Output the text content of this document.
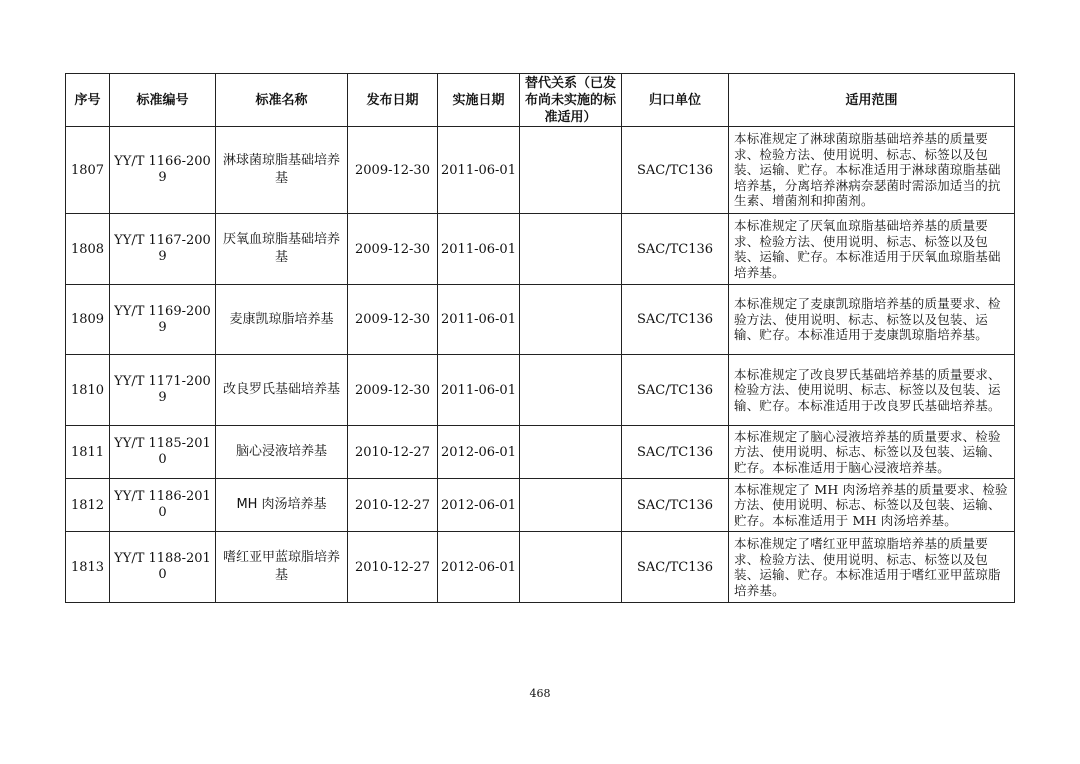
序号	标准编号	标准名称	发布日期	实施日期	替代关系（已发布尚未实施的标准适用）	归口单位	适用范围
1807	YY/T 1166-2009	淋球菌琼脂基础培养基	2009-12-30	2011-06-01		SAC/TC136	本标准规定了淋球菌琼脂基础培养基的质量要求、检验方法、使用说明、标志、标签以及包装、运输、贮存。本标准适用于淋球菌琼脂基础培养基，分离培养淋病奈瑟菌时需添加适当的抗生素、增菌剂和抑菌剂。
1808	YY/T 1167-2009	厌氧血琼脂基础培养基	2009-12-30	2011-06-01		SAC/TC136	本标准规定了厌氧血琼脂基础培养基的质量要求、检验方法、使用说明、标志、标签以及包装、运输、贮存。本标准适用于厌氧血琼脂基础培养基。
1809	YY/T 1169-2009	麦康凯琼脂培养基	2009-12-30	2011-06-01		SAC/TC136	本标准规定了麦康凯琼脂培养基的质量要求、检验方法、使用说明、标志、标签以及包装、运输、贮存。本标准适用于麦康凯琼脂培养基。
1810	YY/T 1171-2009	改良罗氏基础培养基	2009-12-30	2011-06-01		SAC/TC136	本标准规定了改良罗氏基础培养基的质量要求、检验方法、使用说明、标志、标签以及包装、运输、贮存。本标准适用于改良罗氏基础培养基。
1811	YY/T 1185-2010	脑心浸液培养基	2010-12-27	2012-06-01		SAC/TC136	本标准规定了脑心浸液培养基的质量要求、检验方法、使用说明、标志、标签以及包装、运输、贮存。本标准适用于脑心浸液培养基。
1812	YY/T 1186-2010	MH 肉汤培养基	2010-12-27	2012-06-01		SAC/TC136	本标准规定了 MH 肉汤培养基的质量要求、检验方法、使用说明、标志、标签以及包装、运输、贮存。本标准适用于 MH 肉汤培养基。
1813	YY/T 1188-2010	嗜红亚甲蓝琼脂培养基	2010-12-27	2012-06-01		SAC/TC136	本标准规定了嗜红亚甲蓝琼脂培养基的质量要求、检验方法、使用说明、标志、标签以及包装、运输、贮存。本标准适用于嗜红亚甲蓝琼脂培养基。
468
